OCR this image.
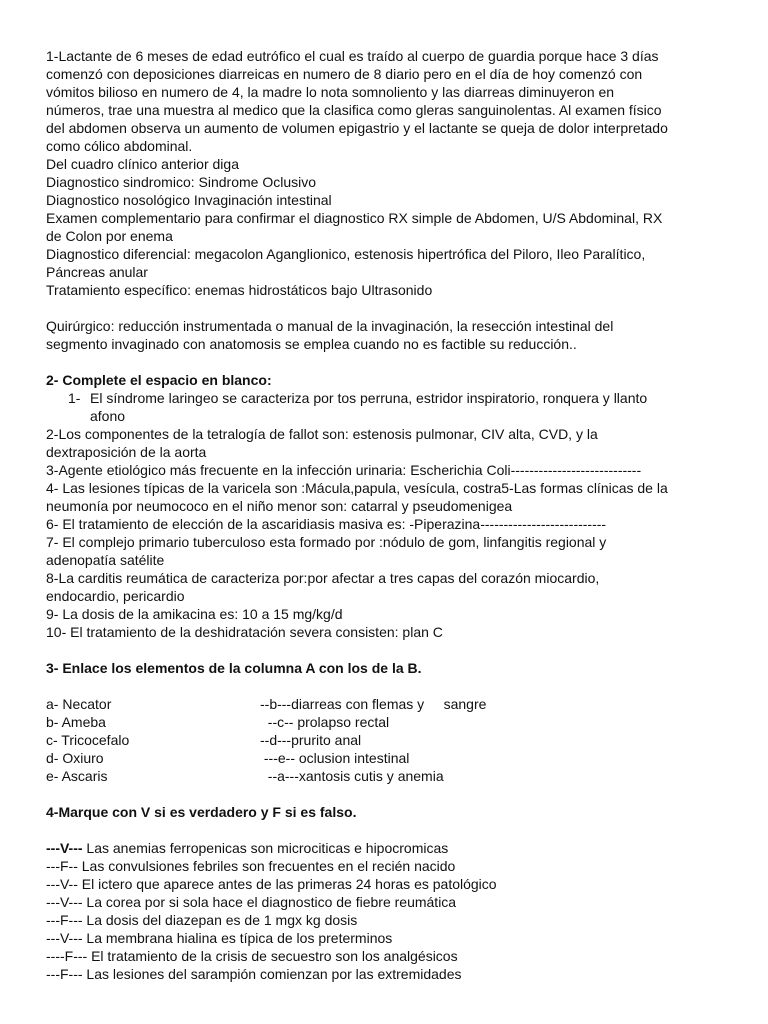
1-Lactante de 6 meses de edad eutrófico el cual es traído al cuerpo de guardia porque hace 3 días

comenzó con deposiciones diarreicas en numero de 8 diario pero en el día de hoy comenzó con

vómitos bilioso en numero de 4, la madre lo nota somnoliento y las diarreas diminuyeron en

números, trae una muestra al medico que la clasifica como gleras sanguinolentas. Al examen físico

del abdomen observa un aumento de volumen epigastrio y el lactante se queja de dolor interpretado

como cólico abdominal.

Del cuadro clínico anterior diga

Diagnostico sindromico: Sindrome Oclusivo

Diagnostico nosológico Invaginación intestinal

Examen complementario para confirmar el diagnostico RX simple de Abdomen, U/S Abdominal, RX

de Colon por enema

Diagnostico diferencial: megacolon Aganglionico, estenosis hipertrófica del Piloro, Ileo Paralítico,

Páncreas anular

Tratamiento específico: enemas hidrostáticos bajo Ultrasonido

Quirúrgico: reducción instrumentada o manual de la invaginación, la resección intestinal del

segmento invaginado con anatomosis se emplea cuando no es factible su reducción..

2- Complete el espacio en blanco:

1- El síndrome laringeo se caracteriza por tos perruna, estridor inspiratorio, ronquera y llanto
afono

2-Los componentes de la tetralogía de fallot son: estenosis pulmonar, CIV alta, CVD, y la

dextraposición de la aorta

3-Agente etiológico más frecuente en la infección urinaria: Escherichia Coli----------------------------

4- Las lesiones típicas de la varicela son :Mácula,papula, vesícula, costra5-Las formas clínicas de la

neumonía por neumococo en el niño menor son: catarral y pseudomenigea

6- El tratamiento de elección de la ascaridiasis masiva es: -Piperazina---------------------------

7- El complejo primario tuberculoso esta formado por :nódulo de gom, linfangitis regional y

adenopatía satélite

8-La carditis reumática de caracteriza por:por afectar a tres capas del corazón miocardio,

endocardio, pericardio

9- La dosis de la amikacina es: 10 a 15 mg/kg/d

10- El tratamiento de la deshidratación severa consisten: plan C

3- Enlace los elementos de la columna A con los de la B.

a- Necator	--b---diarreas con flemas y     sangre
b- Ameba	--c-- prolapso rectal
c- Tricocefalo	--d---prurito anal
d- Oxiuro	---e-- oclusion intestinal
e- Ascaris	--a---xantosis cutis y anemia

4-Marque con V si es verdadero y F si es falso.

---V--- Las anemias ferropenicas son microciticas e hipocromicas

---F-- Las convulsiones febriles son frecuentes en el recién nacido

---V-- El ictero que aparece antes de las primeras 24 horas es patológico

---V--- La corea por si sola hace el diagnostico de fiebre reumática

---F--- La dosis del diazepan es de 1 mgx kg dosis

---V--- La membrana hialina es típica de los preterminos

----F--- El tratamiento de la crisis de secuestro son los analgésicos

---F--- Las lesiones del sarampión comienzan por las extremidades
